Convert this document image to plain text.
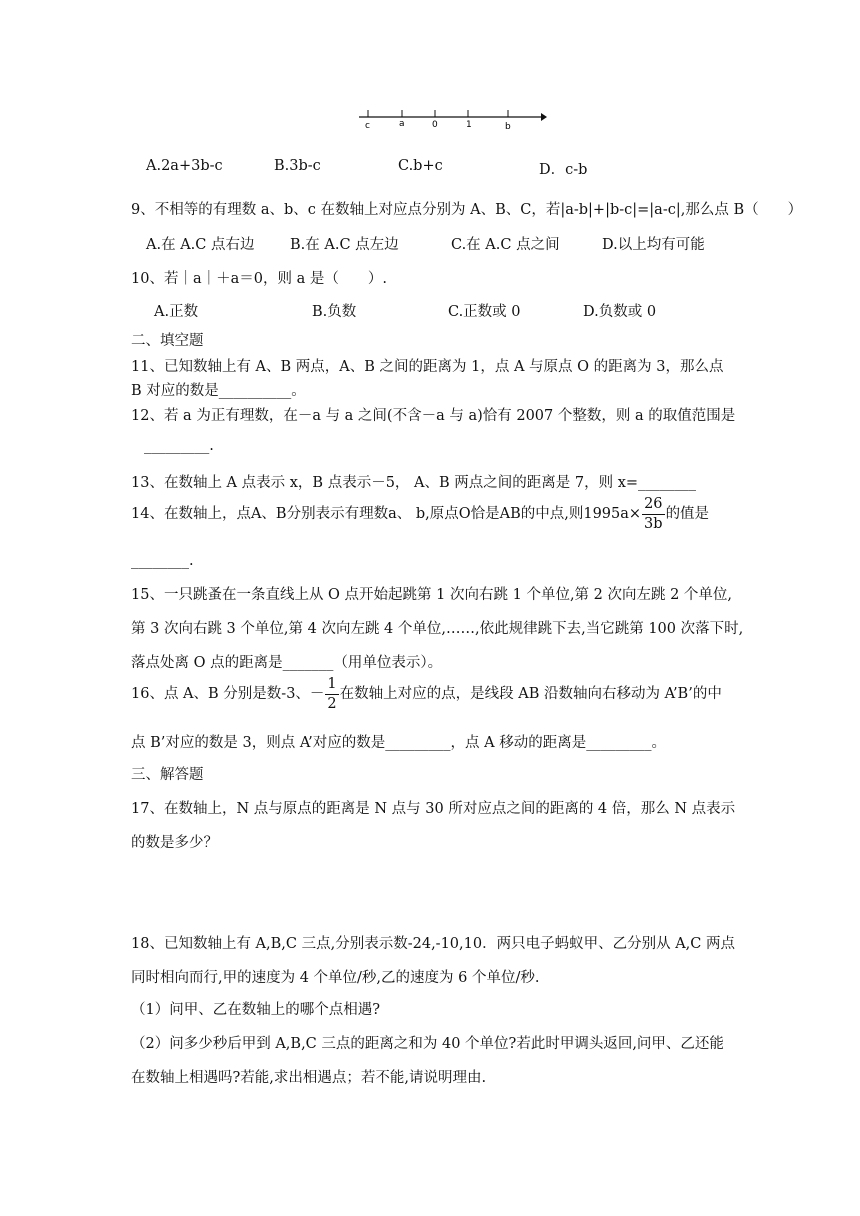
c	a	0	1	b
A.2a+3b-c	B.3b-c	C.b+c	D．c-b
9、不相等的有理数 a、b、c 在数轴上对应点分别为 A、B、C，若|a-b|+|b-c|=|a-c|,那么点 B（　　）
A.在 A.C 点右边 B.在 A.C 点左边	C.在 A.C 点之间	D.以上均有可能
10、若｜a｜＋a＝0，则 a 是（　　）.
A.正数	B.负数	C.正数或 0	D.负数或 0
二、填空题
11、已知数轴上有 A、B 两点，A、B 之间的距离为 1，点 A 与原点 O 的距离为 3，那么点
B 对应的数是__________。
12、若 a 为正有理数，在－a 与 a 之间(不含－a 与 a)恰有 2007 个整数，则 a 的取值范围是
_________.
13、在数轴上 A 点表示 x，B 点表示－5， A、B 两点之间的距离是 7，则 x=________
14、在数轴上，点A、B分别表示有理数a、 b,原点O恰是AB的中点,则$1995a\times \frac{26}{3b}$ 的值是
________.
15、一只跳蚤在一条直线上从 O 点开始起跳第 1 次向右跳 1 个单位,第 2 次向左跳 2 个单位,
第 3 次向右跳 3 个单位,第 4 次向左跳 4 个单位,……,依此规律跳下去,当它跳第 100 次落下时,
落点处离 O 点的距离是_______（用单位表示）。
16、点 A、B 分别是数-3、－ $\frac{1}{2}$ 在数轴上对应的点，是线段 AB 沿数轴向右移动为 A’B’的中
点 B’对应的数是 3，则点 A’对应的数是_________，点 A 移动的距离是_________。
三、解答题
17、在数轴上，N 点与原点的距离是 N 点与 30 所对应点之间的距离的 4 倍，那么 N 点表示
的数是多少？
18、已知数轴上有 A,B,C 三点,分别表示数-24,-10,10．两只电子蚂蚁甲、乙分别从 A,C 两点
同时相向而行,甲的速度为 4 个单位/秒,乙的速度为 6 个单位/秒.
（1）问甲、乙在数轴上的哪个点相遇?
（2）问多少秒后甲到 A,B,C 三点的距离之和为 40 个单位?若此时甲调头返回,问甲、乙还能
在数轴上相遇吗?若能,求出相遇点；若不能,请说明理由.
